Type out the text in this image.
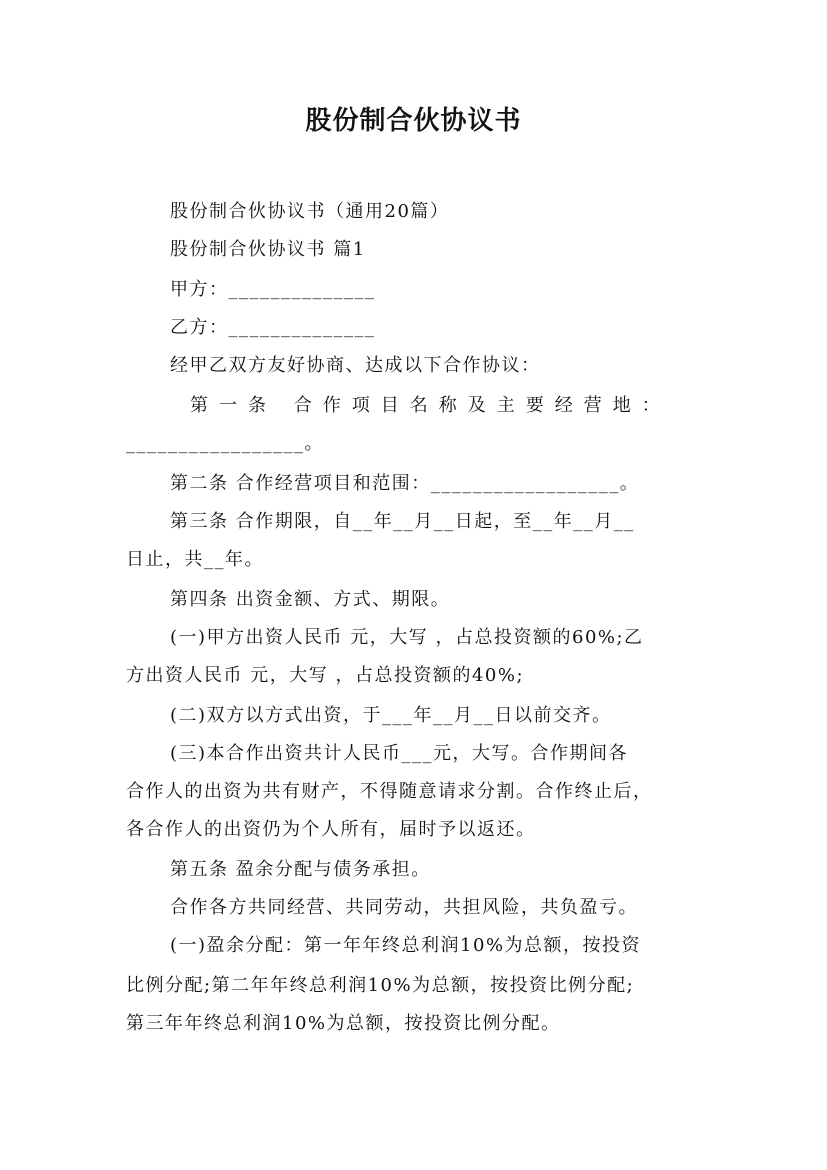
股份制合伙协议书
股份制合伙协议书（通用20篇）
股份制合伙协议书 篇1
甲方：______________
乙方：______________
经甲乙双方友好协商、达成以下合作协议：
第一条 合作项目名称及主要经营地：
_________________。
第二条 合作经营项目和范围：__________________。
第三条 合作期限，自__年__月__日起，至__年__月__
日止，共__年。
第四条 出资金额、方式、期限。
(一)甲方出资人民币 元，大写 ，占总投资额的60%;乙
方出资人民币 元，大写 ，占总投资额的40%;
(二)双方以方式出资，于___年__月__日以前交齐。
(三)本合作出资共计人民币___元，大写。合作期间各
合作人的出资为共有财产，不得随意请求分割。合作终止后，
各合作人的出资仍为个人所有，届时予以返还。
第五条 盈余分配与债务承担。
合作各方共同经营、共同劳动，共担风险，共负盈亏。
(一)盈余分配：第一年年终总利润10%为总额，按投资
比例分配;第二年年终总利润10%为总额，按投资比例分配;
第三年年终总利润10%为总额，按投资比例分配。
